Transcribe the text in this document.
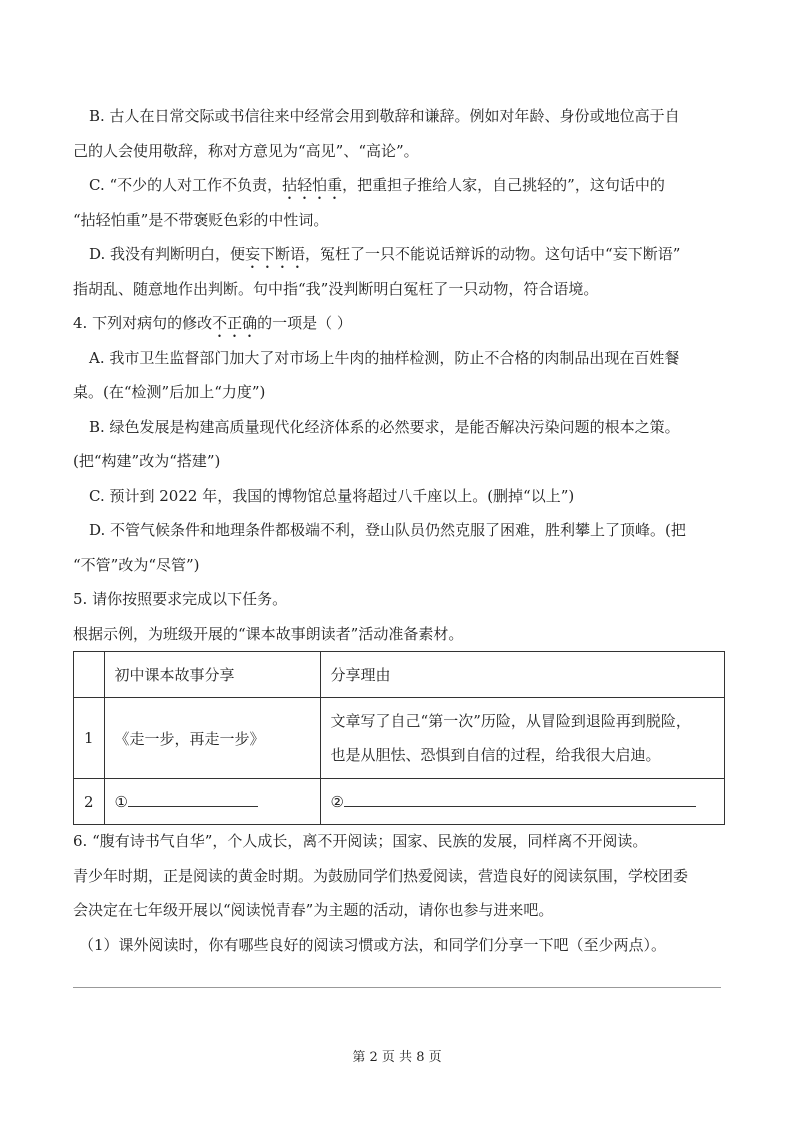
B. 古人在日常交际或书信往来中经常会用到敬辞和谦辞。例如对年龄、身份或地位高于自
己的人会使用敬辞，称对方意见为“高见”、“高论”。
C. “不少的人对工作不负责，拈轻怕重，把重担子推给人家，自己挑轻的”，这句话中的
“拈轻怕重”是不带褒贬色彩的中性词。
D. 我没有判断明白，便妄下断语，冤枉了一只不能说话辩诉的动物。这句话中“妄下断语”
指胡乱、随意地作出判断。句中指“我”没判断明白冤枉了一只动物，符合语境。
4. 下列对病句的修改不正确的一项是（ ）
A. 我市卫生监督部门加大了对市场上牛肉的抽样检测，防止不合格的肉制品出现在百姓餐
桌。(在“检测”后加上“力度”)
B. 绿色发展是构建高质量现代化经济体系的必然要求，是能否解决污染问题的根本之策。
(把“构建”改为“搭建”)
C. 预计到 2022 年，我国的博物馆总量将超过八千座以上。(删掉“以上”)
D. 不管气候条件和地理条件都极端不利，登山队员仍然克服了困难，胜利攀上了顶峰。(把
“不管”改为“尽管”)
5. 请你按照要求完成以下任务。
根据示例，为班级开展的“课本故事朗读者”活动准备素材。
	初中课本故事分享	分享理由
1	《走一步，再走一步》	文章写了自己“第一次”历险，从冒险到退险再到脱险，
也是从胆怯、恐惧到自信的过程，给我很大启迪。

2	①	②
6. “腹有诗书气自华”，个人成长，离不开阅读；国家、民族的发展，同样离不开阅读。
青少年时期，正是阅读的黄金时期。为鼓励同学们热爱阅读，营造良好的阅读氛围，学校团委
会决定在七年级开展以“阅读悦青春”为主题的活动，请你也参与进来吧。
（1）课外阅读时，你有哪些良好的阅读习惯或方法，和同学们分享一下吧（至少两点）。
第 2 页 共 8 页
